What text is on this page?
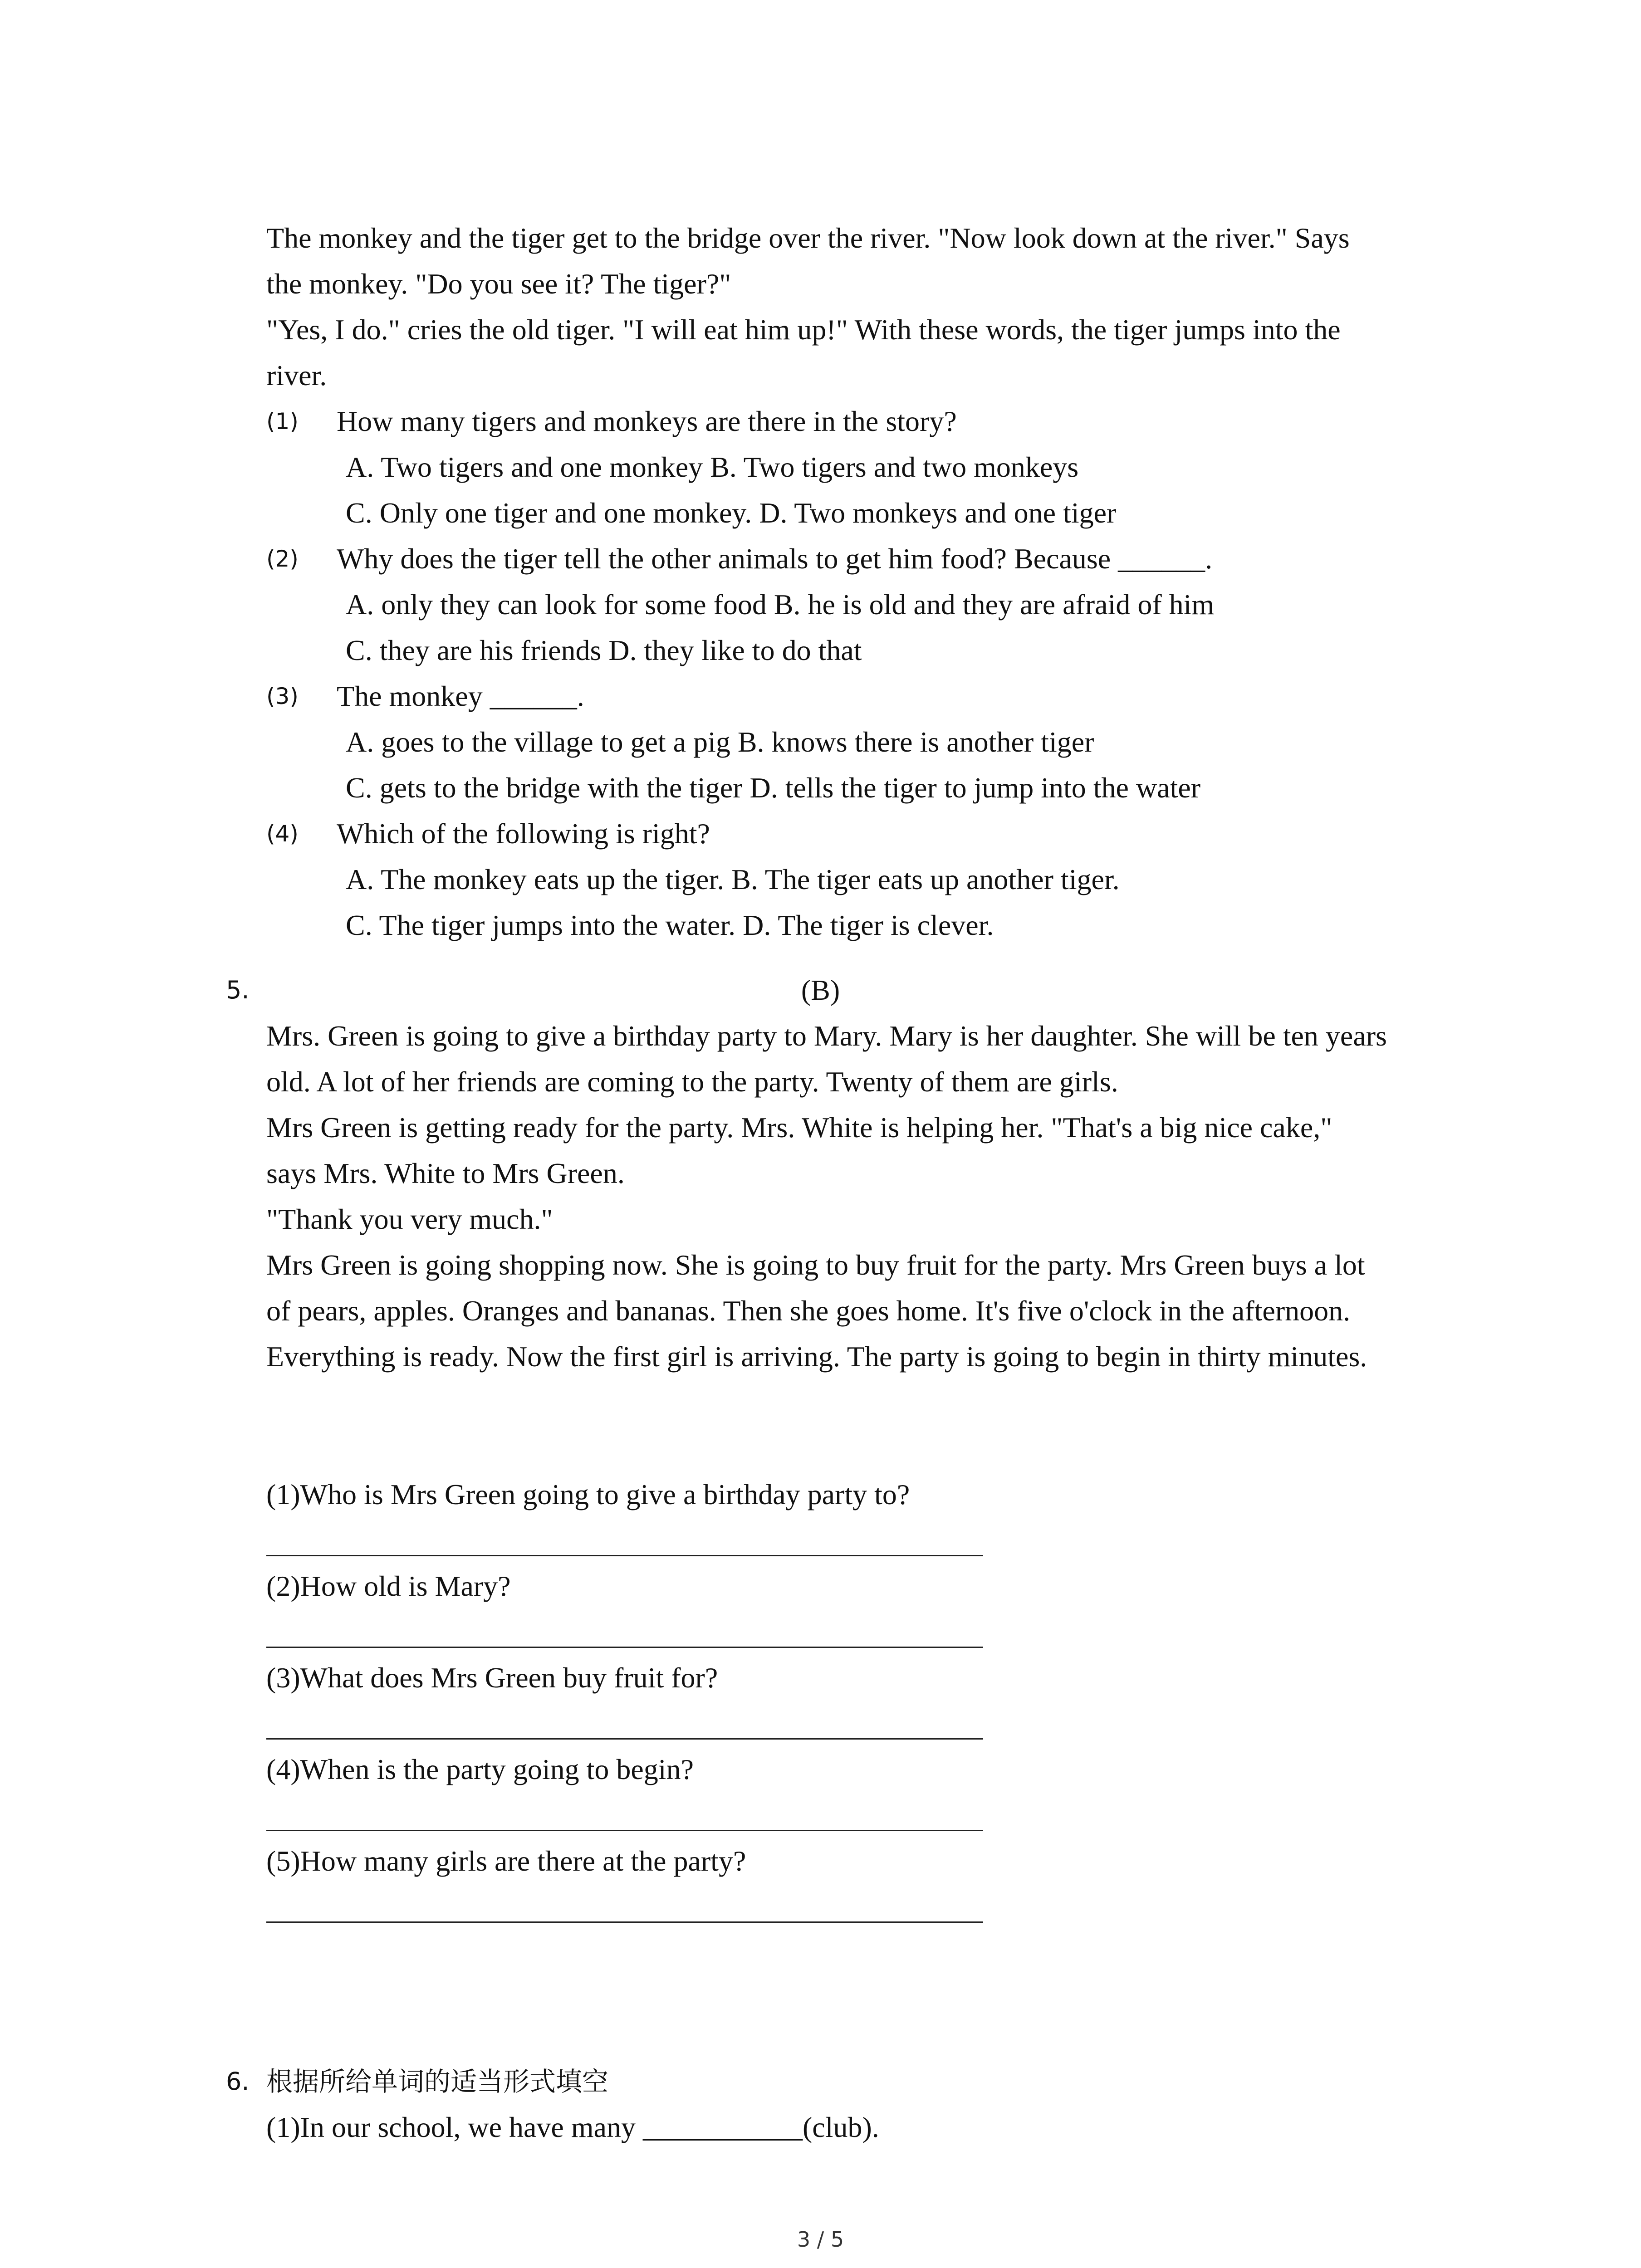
The monkey and the tiger get to the bridge over the river. "Now look down at the river." Says
the monkey. "Do you see it? The tiger?"
"Yes, I do." cries the old tiger. "I will eat him up!" With these words, the tiger jumps into the
river.
(1) How many tigers and monkeys are there in the story?
A. Two tigers and one monkey B. Two tigers and two monkeys
C. Only one tiger and one monkey. D. Two monkeys and one tiger
(2) Why does the tiger tell the other animals to get him food? Because ______.
A. only they can look for some food B. he is old and they are afraid of him
C. they are his friends D. they like to do that
(3) The monkey ______.
A. goes to the village to get a pig B. knows there is another tiger
C. gets to the bridge with the tiger D. tells the tiger to jump into the water
(4) Which of the following is right?
A. The monkey eats up the tiger. B. The tiger eats up another tiger.
C. The tiger jumps into the water. D. The tiger is clever.
5.	(B)
Mrs. Green is going to give a birthday party to Mary. Mary is her daughter. She will be ten years
old. A lot of her friends are coming to the party. Twenty of them are girls.
Mrs Green is getting ready for the party. Mrs. White is helping her. "That's a big nice cake,"
says Mrs. White to Mrs Green.
"Thank you very much."
Mrs Green is going shopping now. She is going to buy fruit for the party. Mrs Green buys a lot
of pears, apples. Oranges and bananas. Then she goes home. It's five o'clock in the afternoon.
Everything is ready. Now the first girl is arriving. The party is going to begin in thirty minutes.
(1)Who is Mrs Green going to give a birthday party to?
(2)How old is Mary?
(3)What does Mrs Green buy fruit for?
(4)When is the party going to begin?
(5)How many girls are there at the party?
6. 根据所给单词的适当形式填空
(1)In our school, we have many ___________(club).
3 / 5
